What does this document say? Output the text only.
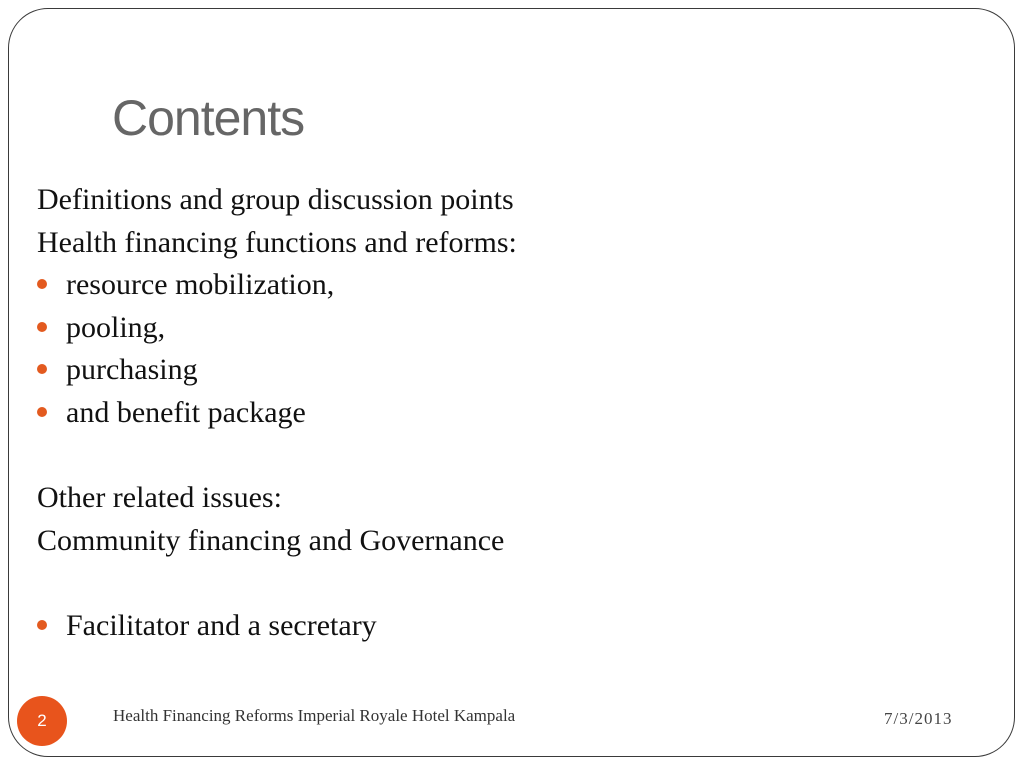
Contents
Definitions and group discussion points
Health financing functions and reforms:
resource mobilization,
pooling,
purchasing
and benefit package
Other related issues:
Community financing and Governance
Facilitator and a secretary
2	Health Financing Reforms Imperial Royale Hotel Kampala	7/3/2013
